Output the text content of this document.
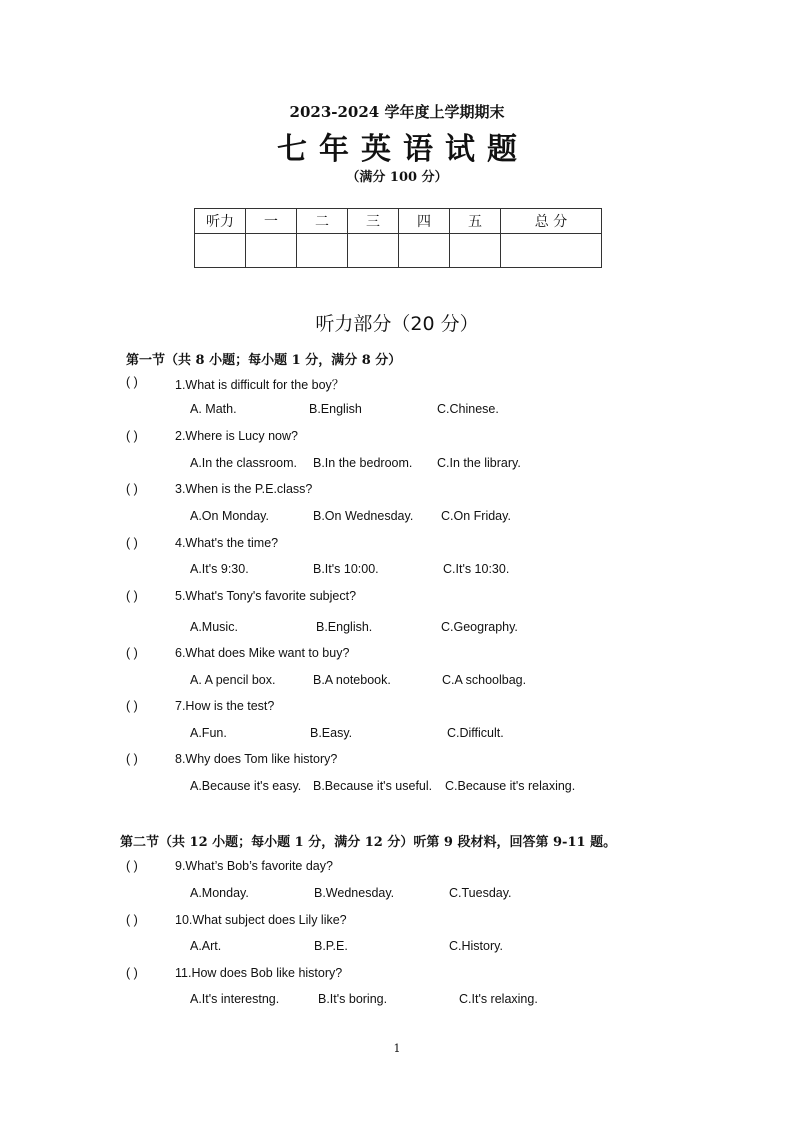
2023-2024 学年度上学期期末
七年英语试题
（满分 100 分）
听力	一	二	三	四	五	总 分

听力部分（20 分）
第一节（共 8 小题；每小题 1 分，满分 8 分）
( )	1.What is difficult for the boy？
A. Math.	B.English	C.Chinese.
( )	2.Where is Lucy now?
A.In the classroom. B.In the bedroom. C.In the library.
( )	3.When is the P.E.class?
A.On Monday.	B.On Wednesday. C.On Friday.
( )	4.What's the time?
A.It's 9:30.	B.It's 10:00.	C.It's 10:30.
( )	5.What's Tony's favorite subject?
A.Music.	B.English.	C.Geography.
( )	6.What does Mike want to buy?
A. A pencil box.	B.A notebook.	C.A schoolbag.
( )	7.How is the test?
A.Fun.	B.Easy.	C.Difficult.
( )	8.Why does Tom like history?
A.Because it's easy. B.Because it's useful. C.Because it's relaxing.
第二节（共 12 小题；每小题 1 分，满分 12 分）听第 9 段材料，回答第 9-11 题。
( )	9.What’s Bob’s favorite day?
A.Monday.	B.Wednesday.	C.Tuesday.
( )	10.What subject does Lily like?
A.Art.	B.P.E.	C.History.
( )	11.How does Bob like history?
A.It's interestng.	B.It's boring.	C.It's relaxing.
1
